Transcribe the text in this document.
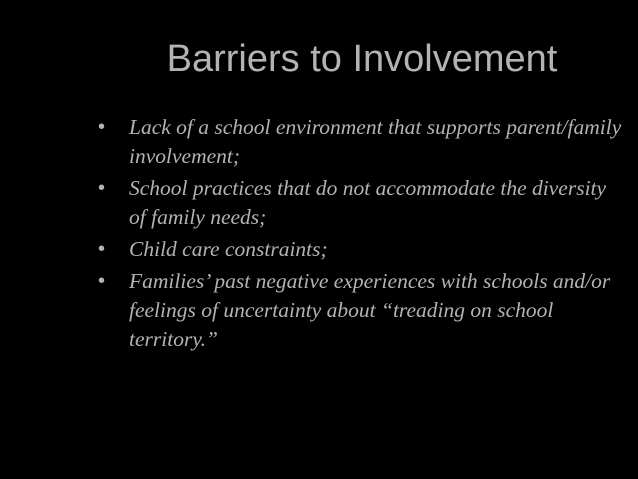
Barriers to Involvement
• Lack of a school environment that supports parent/family involvement;
• School practices that do not accommodate the diversity of family needs;
• Child care constraints;
• Families’ past negative experiences with schools and/or feelings of uncertainty about “treading on school territory.”
